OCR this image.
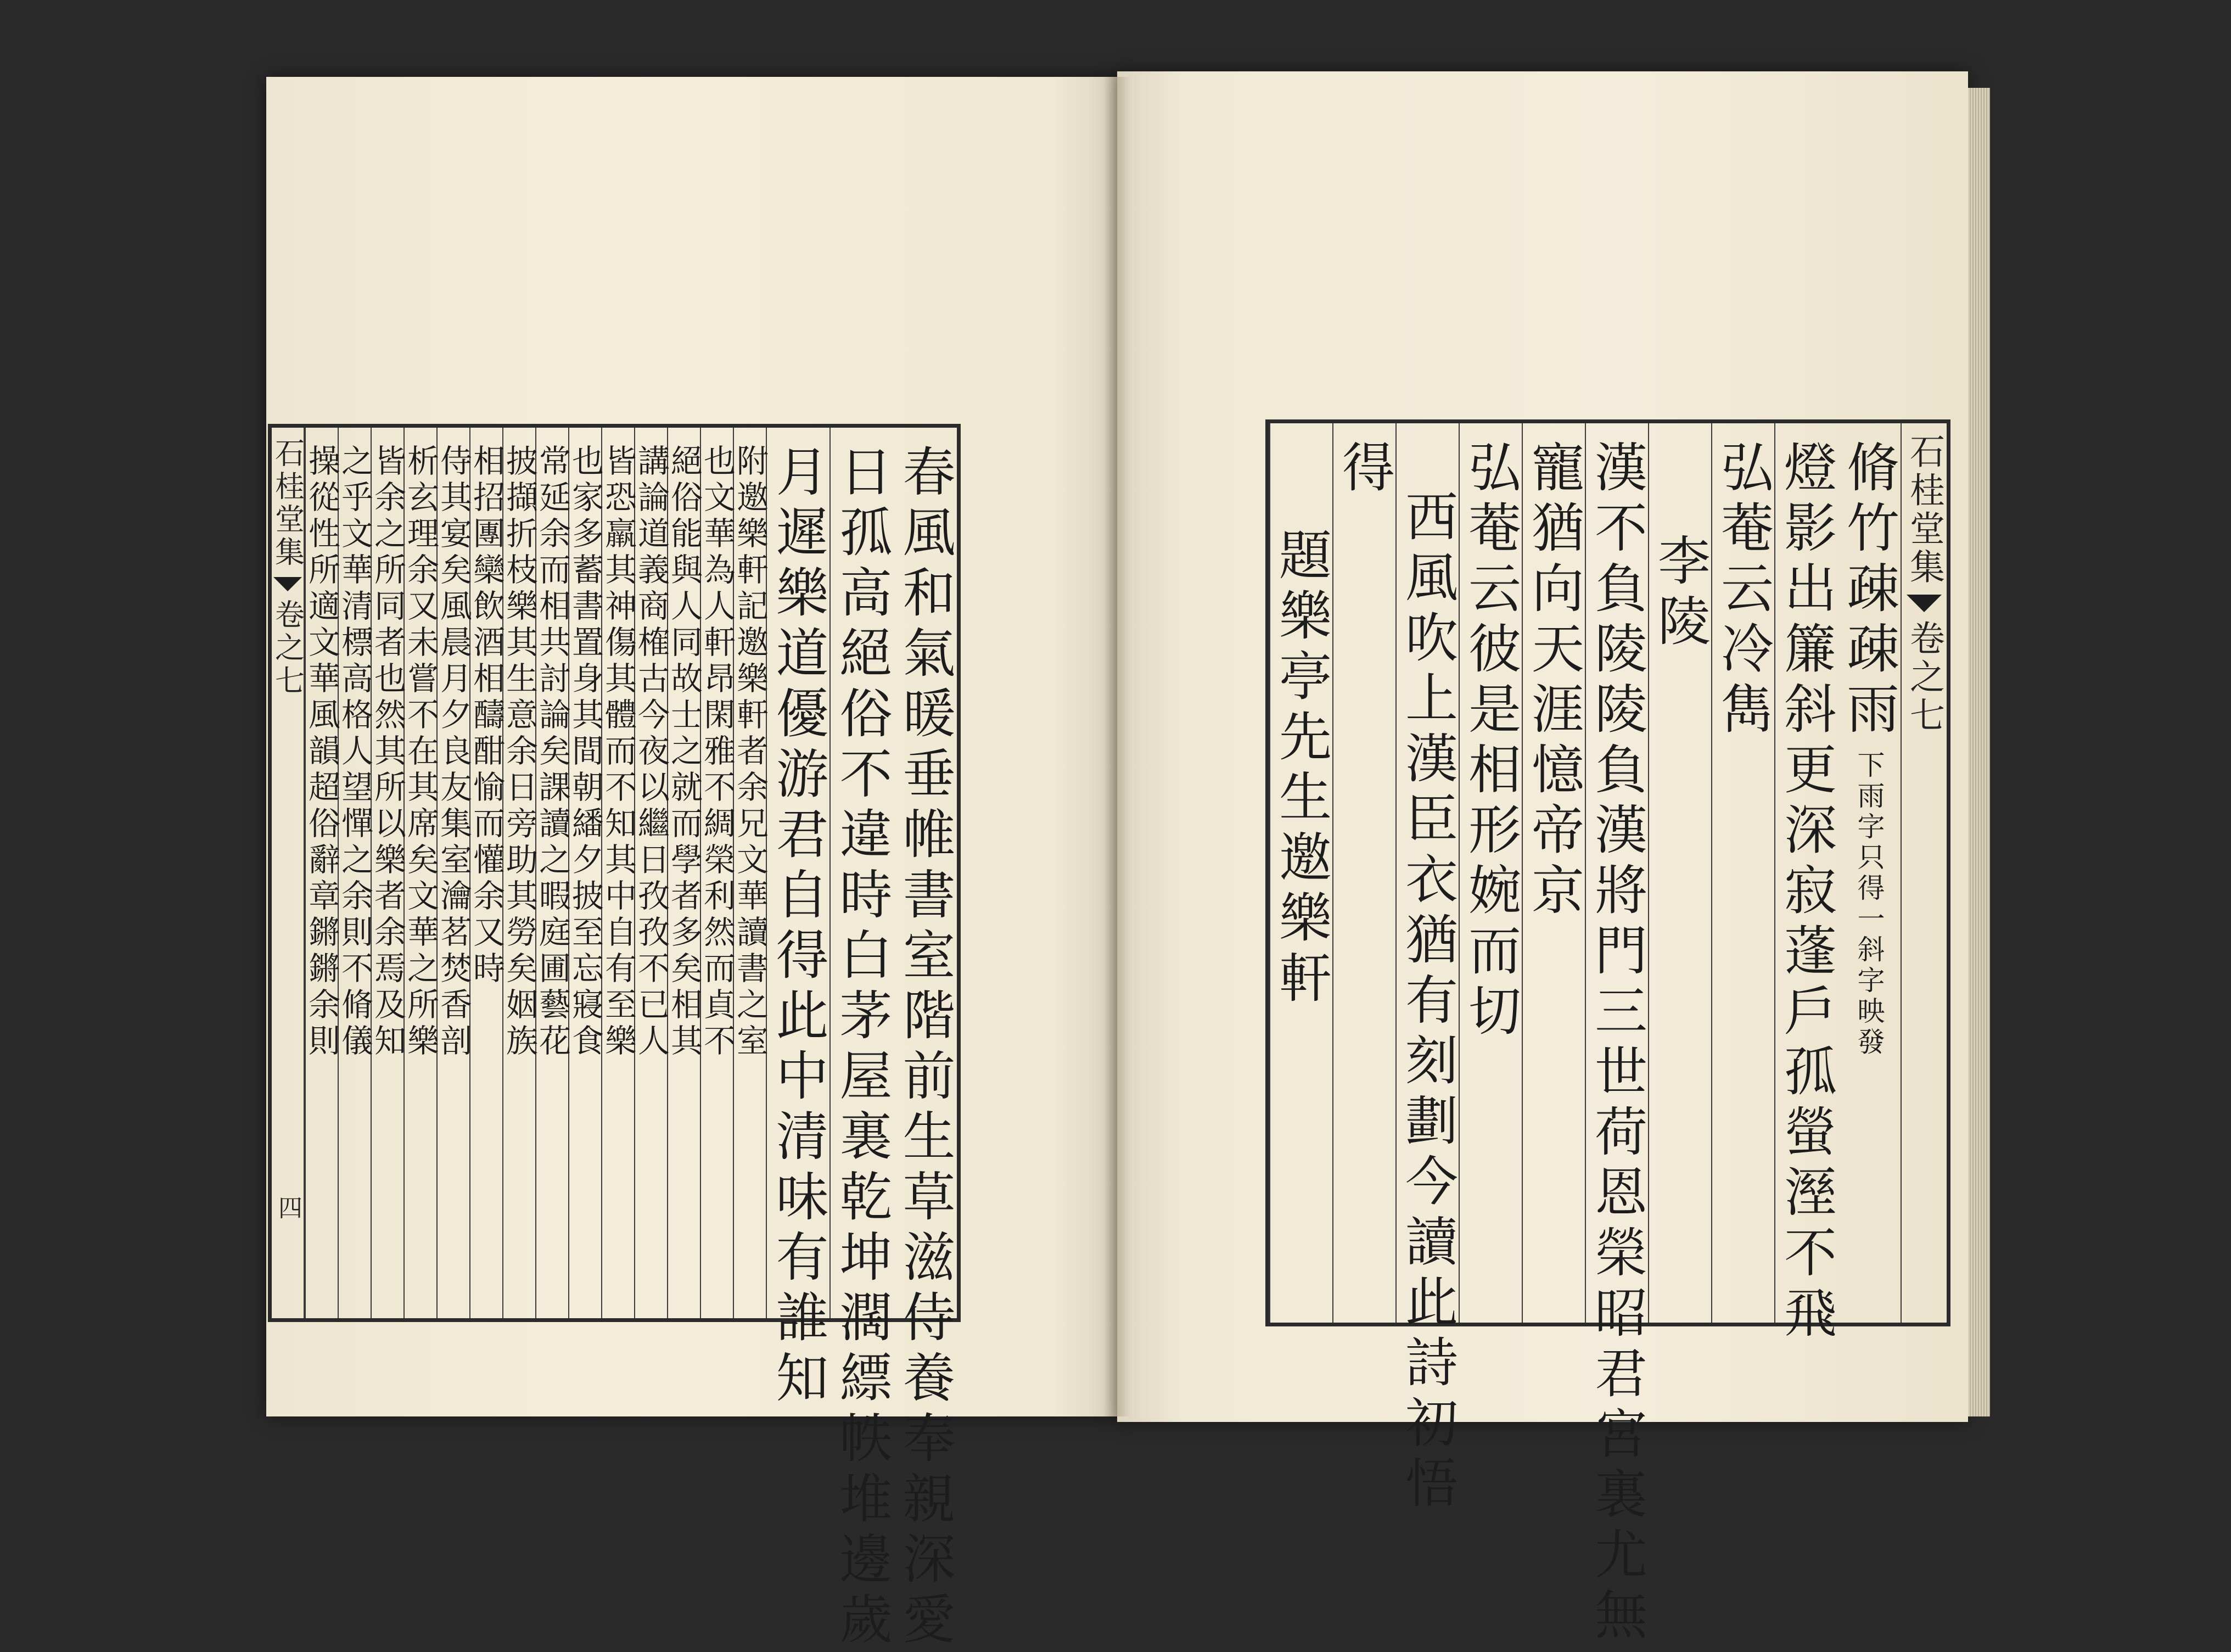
春風和氣暖垂帷書室階前生草滋侍養奉親深愛
日孤高絕俗不違時白茅屋裏乾坤濶縹帙堆邊歲
月遲樂道優游君自得此中清味有誰知
附邀樂軒記邀樂軒者余兄文華讀書之室
也文華為人軒昂閑雅不綢榮利然而貞不
絕俗能與人同故士之就而學者多矣相其
講論道義商榷古今夜以繼日孜孜不已人
皆恐羸其神傷其體而不知其中自有至樂
也家多蓄書置身其間朝繙夕披至忘寢食
常延余而相共討論矣課讀之暇庭圃藝花
披擷折枝樂其生意余日旁助其勞矣姻族
相招團欒飲酒相醻酣愉而懽余又時
侍其宴矣風晨月夕良友集室瀹茗焚香剖
析玄理余又未嘗不在其席矣文華之所樂
皆余之所同者也然其所以樂者余焉及知
之乎文華清標高格人望憚之余則不脩儀
操從性所適文華風韻超俗辭章鏘鏘余則
石桂堂集
卷之七
四
石桂堂集
卷之七
脩竹疎疎雨
下雨字只得一斜字映發
燈影出簾斜
更深寂蓬戶孤螢溼不飛
弘菴云冷雋
李陵
漢不負陵陵負漢將門三世荷恩榮昭君宮裏尤無
寵猶向天涯憶帝京
弘菴云彼是相形婉而切
西風吹上漢臣衣猶有刻劃今讀此詩初悟
得
題樂亭先生邀樂軒
